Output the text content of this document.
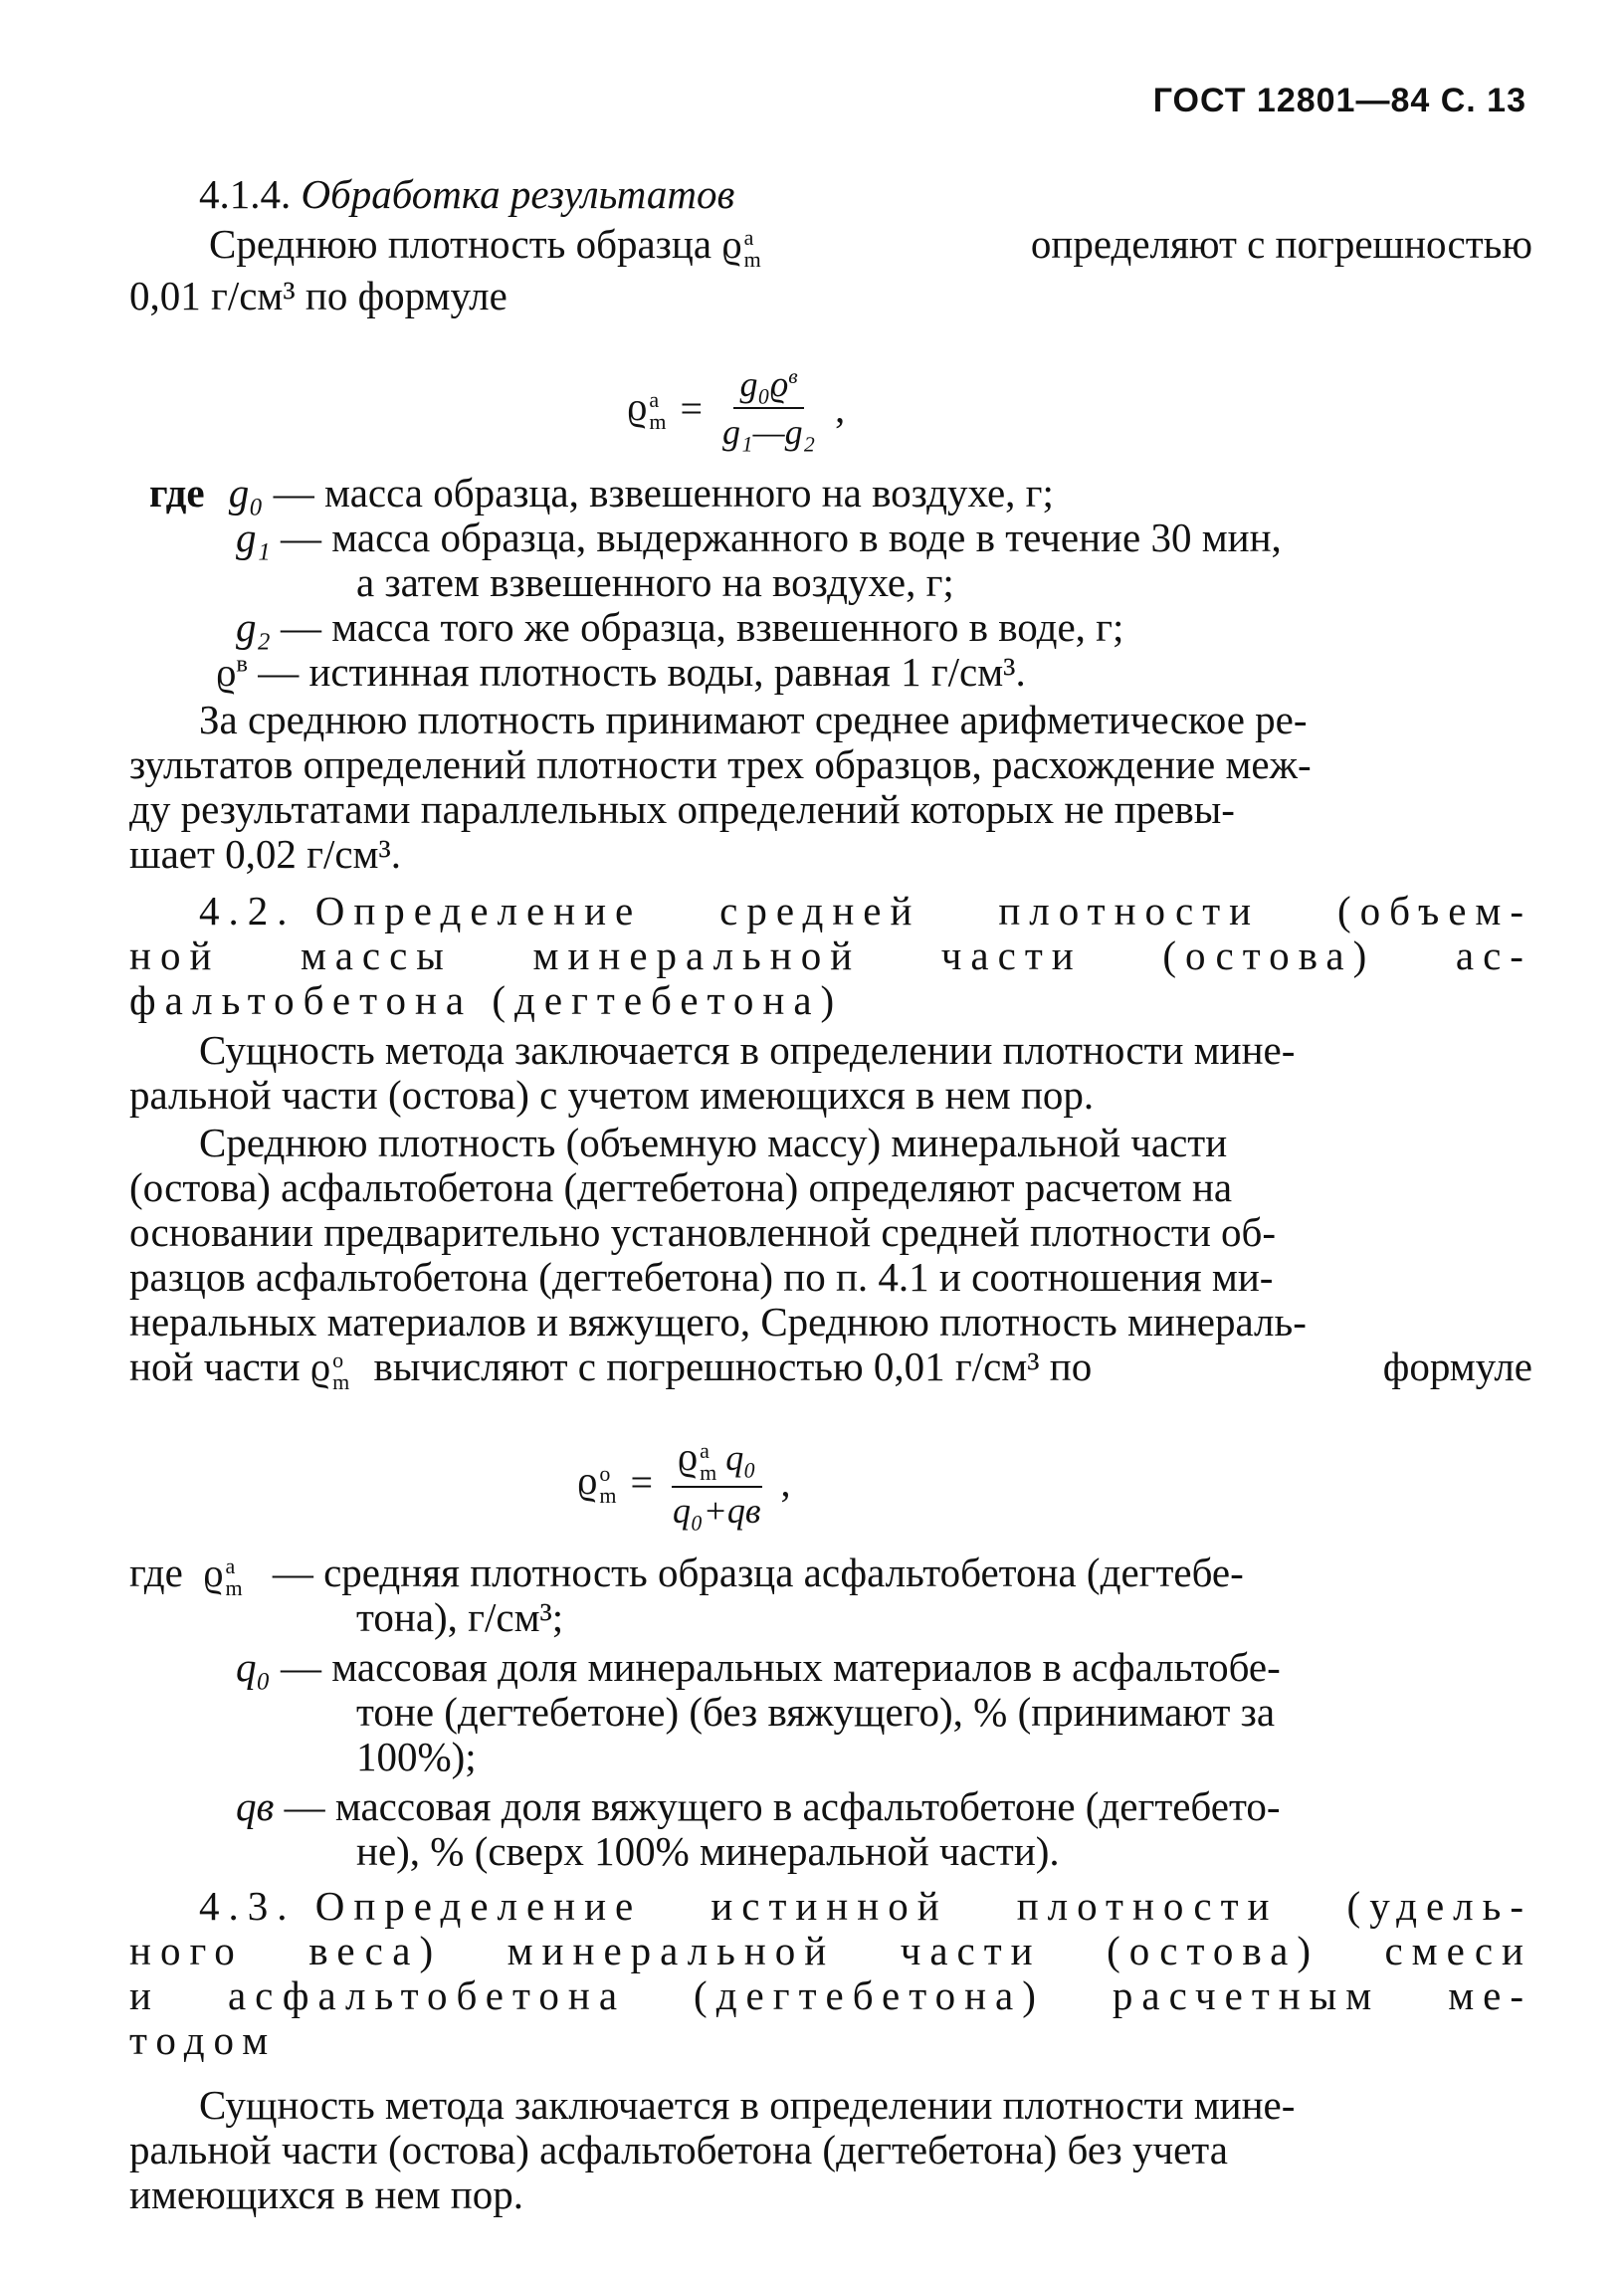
ГОСТ 12801—84 С. 13
4.1.4. Обработка результатов
Среднюю плотность образца ϱ a
m	определяют с погрешностью
0,01 г/см³ по формуле
ϱ a
$m = \frac{g_0ϱ^в}{\text{g₁—g₂}}$ ,
где g₀ — масса образца, взвешенного на воздухе, г;
g₁ — масса образца, выдержанного в воде в течение 30 мин,
а затем взвешенного на воздухе, г;
g₂ — масса того же образца, взвешенного в воде, г;
$ϱ^в$ — истинная плотность воды, равная 1 г/см³.
За среднюю плотность принимают среднее арифметическое ре-
зультатов определений плотности трех образцов, расхождение меж-
ду результатами параллельных определений которых не превы-
шает 0,02 г/см³.
4.2. Определение средней плотности (объем-
ной массы минеральной части (остова) ас-
фальтобетона (дегтебетона)
Сущность метода заключается в определении плотности мине-
ральной части (остова) с учетом имеющихся в нем пор.
Среднюю плотность (объемную массу) минеральной части
(остова) асфальтобетона (дегтебетона) определяют расчетом на
основании предварительно установленной средней плотности об-
разцов асфальтобетона (дегтебетона) по п. 4.1 и соотношения ми-
неральных материалов и вяжущего, Среднюю плотность минераль-
ной части ϱ o
m вычисляют с погрешностью 0,01 г/см³ по	формуле
ϱ o
m = ϱ a
m q₀
q₀+qв ,
где ϱ a
m — средняя плотность образца асфальтобетона (дегтебе-
тона), г/см³;
q₀ — массовая доля минеральных материалов в асфальтобе-
тоне (дегтебетоне) (без вяжущего), % (принимают за
100%);
qв — массовая доля вяжущего в асфальтобетоне (дегтебето-
не), % (сверх 100% минеральной части).
4.3. Определение истинной плотности (удель-
ного веса) минеральной части (остова) смеси
и асфальтобетона (дегтебетона) расчетным ме-
тодом
Сущность метода заключается в определении плотности мине-
ральной части (остова) асфальтобетона (дегтебетона) без учета
имеющихся в нем пор.
